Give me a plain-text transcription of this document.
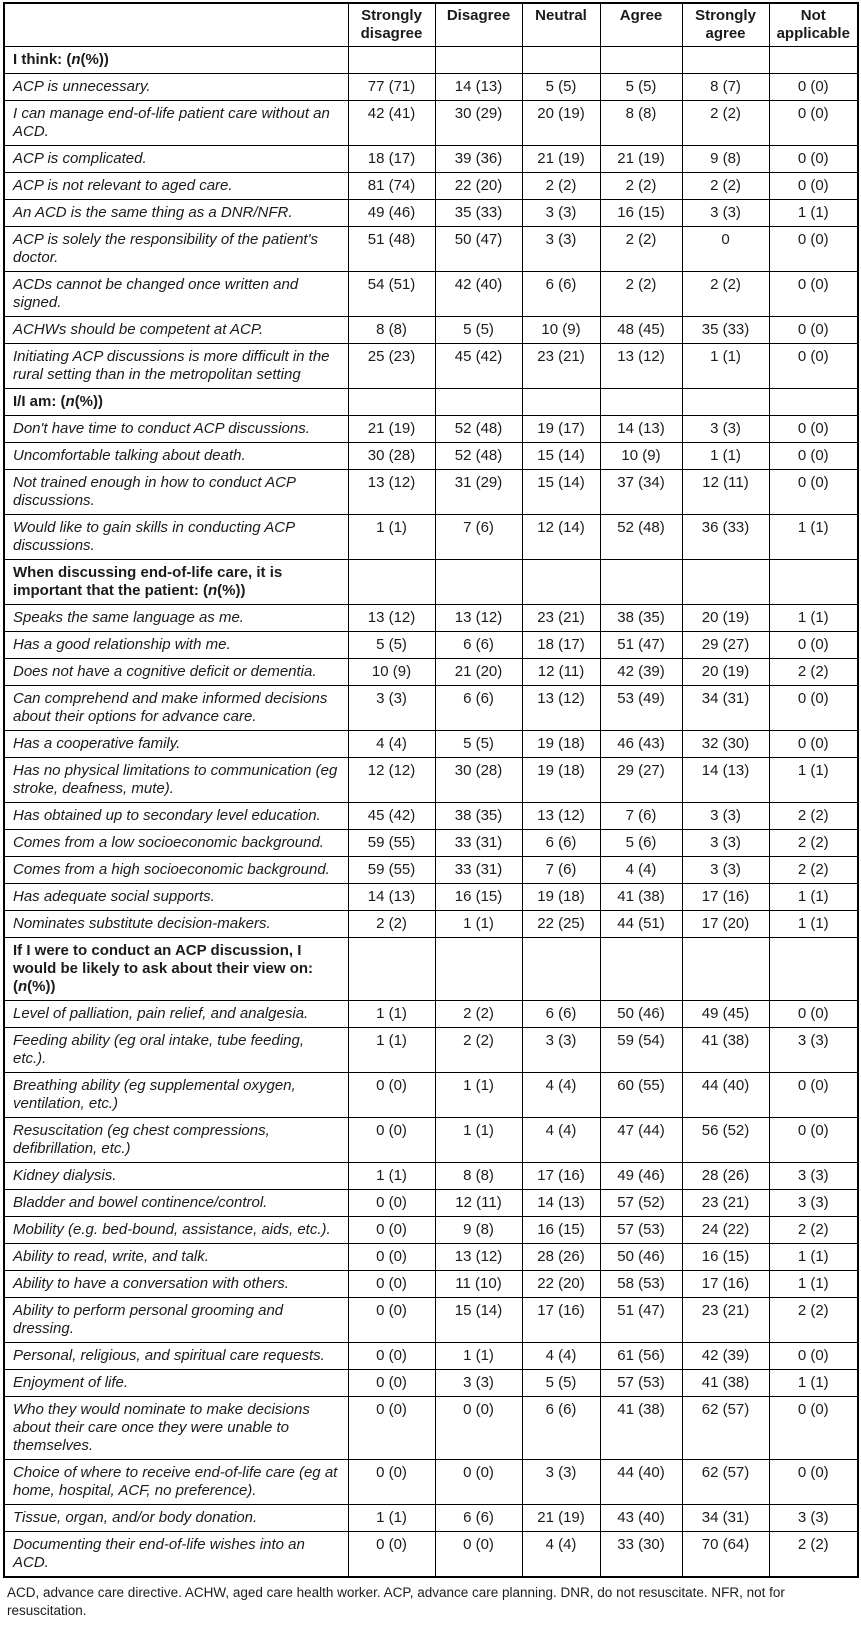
	Strongly disagree	Disagree	Neutral	Agree	Strongly agree	Not applicable
I think: (n(%))						
ACP is unnecessary.	77 (71)	14 (13)	5 (5)	5 (5)	8 (7)	0 (0)
I can manage end-of-life patient care without an ACD.	42 (41)	30 (29)	20 (19)	8 (8)	2 (2)	0 (0)
ACP is complicated.	18 (17)	39 (36)	21 (19)	21 (19)	9 (8)	0 (0)
ACP is not relevant to aged care.	81 (74)	22 (20)	2 (2)	2 (2)	2 (2)	0 (0)
An ACD is the same thing as a DNR/NFR.	49 (46)	35 (33)	3 (3)	16 (15)	3 (3)	1 (1)
ACP is solely the responsibility of the patient's doctor.	51 (48)	50 (47)	3 (3)	2 (2)	0	0 (0)
ACDs cannot be changed once written and signed.	54 (51)	42 (40)	6 (6)	2 (2)	2 (2)	0 (0)
ACHWs should be competent at ACP.	8 (8)	5 (5)	10 (9)	48 (45)	35 (33)	0 (0)
Initiating ACP discussions is more difficult in the rural setting than in the metropolitan setting	25 (23)	45 (42)	23 (21)	13 (12)	1 (1)	0 (0)
I/I am: (n(%))						
Don't have time to conduct ACP discussions.	21 (19)	52 (48)	19 (17)	14 (13)	3 (3)	0 (0)
Uncomfortable talking about death.	30 (28)	52 (48)	15 (14)	10 (9)	1 (1)	0 (0)
Not trained enough in how to conduct ACP discussions.	13 (12)	31 (29)	15 (14)	37 (34)	12 (11)	0 (0)
Would like to gain skills in conducting ACP discussions.	1 (1)	7 (6)	12 (14)	52 (48)	36 (33)	1 (1)
When discussing end-of-life care, it is important that the patient: (n(%))						
Speaks the same language as me.	13 (12)	13 (12)	23 (21)	38 (35)	20 (19)	1 (1)
Has a good relationship with me.	5 (5)	6 (6)	18 (17)	51 (47)	29 (27)	0 (0)
Does not have a cognitive deficit or dementia.	10 (9)	21 (20)	12 (11)	42 (39)	20 (19)	2 (2)
Can comprehend and make informed decisions about their options for advance care.	3 (3)	6 (6)	13 (12)	53 (49)	34 (31)	0 (0)
Has a cooperative family.	4 (4)	5 (5)	19 (18)	46 (43)	32 (30)	0 (0)
Has no physical limitations to communication (eg stroke, deafness, mute).	12 (12)	30 (28)	19 (18)	29 (27)	14 (13)	1 (1)
Has obtained up to secondary level education.	45 (42)	38 (35)	13 (12)	7 (6)	3 (3)	2 (2)
Comes from a low socioeconomic background.	59 (55)	33 (31)	6 (6)	5 (6)	3 (3)	2 (2)
Comes from a high socioeconomic background.	59 (55)	33 (31)	7 (6)	4 (4)	3 (3)	2 (2)
Has adequate social supports.	14 (13)	16 (15)	19 (18)	41 (38)	17 (16)	1 (1)
Nominates substitute decision-makers.	2 (2)	1 (1)	22 (25)	44 (51)	17 (20)	1 (1)
If I were to conduct an ACP discussion, I would be likely to ask about their view on: (n(%))						
Level of palliation, pain relief, and analgesia.	1 (1)	2 (2)	6 (6)	50 (46)	49 (45)	0 (0)
Feeding ability (eg oral intake, tube feeding, etc.).	1 (1)	2 (2)	3 (3)	59 (54)	41 (38)	3 (3)
Breathing ability (eg supplemental oxygen, ventilation, etc.)	0 (0)	1 (1)	4 (4)	60 (55)	44 (40)	0 (0)
Resuscitation (eg chest compressions, defibrillation, etc.)	0 (0)	1 (1)	4 (4)	47 (44)	56 (52)	0 (0)
Kidney dialysis.	1 (1)	8 (8)	17 (16)	49 (46)	28 (26)	3 (3)
Bladder and bowel continence/control.	0 (0)	12 (11)	14 (13)	57 (52)	23 (21)	3 (3)
Mobility (e.g. bed-bound, assistance, aids, etc.).	0 (0)	9 (8)	16 (15)	57 (53)	24 (22)	2 (2)
Ability to read, write, and talk.	0 (0)	13 (12)	28 (26)	50 (46)	16 (15)	1 (1)
Ability to have a conversation with others.	0 (0)	11 (10)	22 (20)	58 (53)	17 (16)	1 (1)
Ability to perform personal grooming and dressing.	0 (0)	15 (14)	17 (16)	51 (47)	23 (21)	2 (2)
Personal, religious, and spiritual care requests.	0 (0)	1 (1)	4 (4)	61 (56)	42 (39)	0 (0)
Enjoyment of life.	0 (0)	3 (3)	5 (5)	57 (53)	41 (38)	1 (1)
Who they would nominate to make decisions about their care once they were unable to themselves.	0 (0)	0 (0)	6 (6)	41 (38)	62 (57)	0 (0)
Choice of where to receive end-of-life care (eg at home, hospital, ACF, no preference).	0 (0)	0 (0)	3 (3)	44 (40)	62 (57)	0 (0)
Tissue, organ, and/or body donation.	1 (1)	6 (6)	21 (19)	43 (40)	34 (31)	3 (3)
Documenting their end-of-life wishes into an ACD.	0 (0)	0 (0)	4 (4)	33 (30)	70 (64)	2 (2)
ACD, advance care directive. ACHW, aged care health worker. ACP, advance care planning. DNR, do not resuscitate. NFR, not for resuscitation.
